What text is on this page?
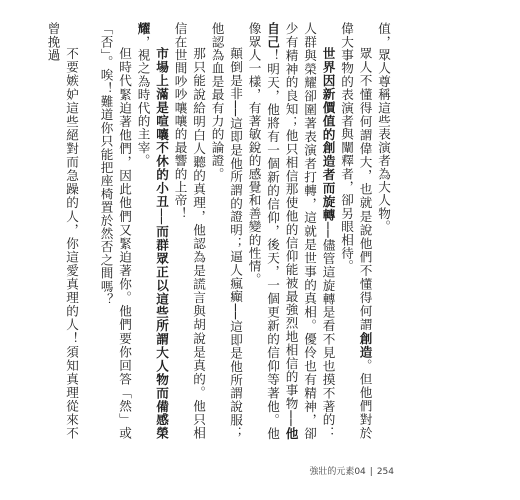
值，眾人尊稱這些表演者為大人物。

眾人不懂得何謂偉大，也就是說他們不懂得何謂創造。但他們對於偉大事物的表演者與闡釋者，卻另眼相待。

世界因新價值的創造者而旋轉──儘管這旋轉是看不見也摸不著的：人群與榮耀卻圍著表演者打轉，這就是世事的真相。優伶也有精神，卻少有精神的良知；他只相信那使他的信仰能被最強烈地相信的事物──他自己！明天，他將有一個新的信仰，後天，一個更新的信仰等著他。他像眾人一樣，有著敏銳的感覺和善變的性情。

顛倒是非──這即是他所謂的證明；逼人瘋癲──這即是他所謂說服；他認為血是最有力的論證。

那只能說給明白人聽的真理，他認為是謊言與胡說是真的。他只相信在世間吵吵嚷嚷的最響的上帝！

市場上滿是喧嚷不休的小丑──而群眾正以這些所謂大人物而備感榮耀，視之為時代的主宰。

但時代緊迫著他們，因此他們又緊迫著你。他們要你回答「然」或「否」。唉！難道你只能把座椅置於然否之間嗎？

不要嫉妒這些絕對而急躁的人，你這愛真理的人！須知真理從來不曾挽過

強壯的元素04 | 254
